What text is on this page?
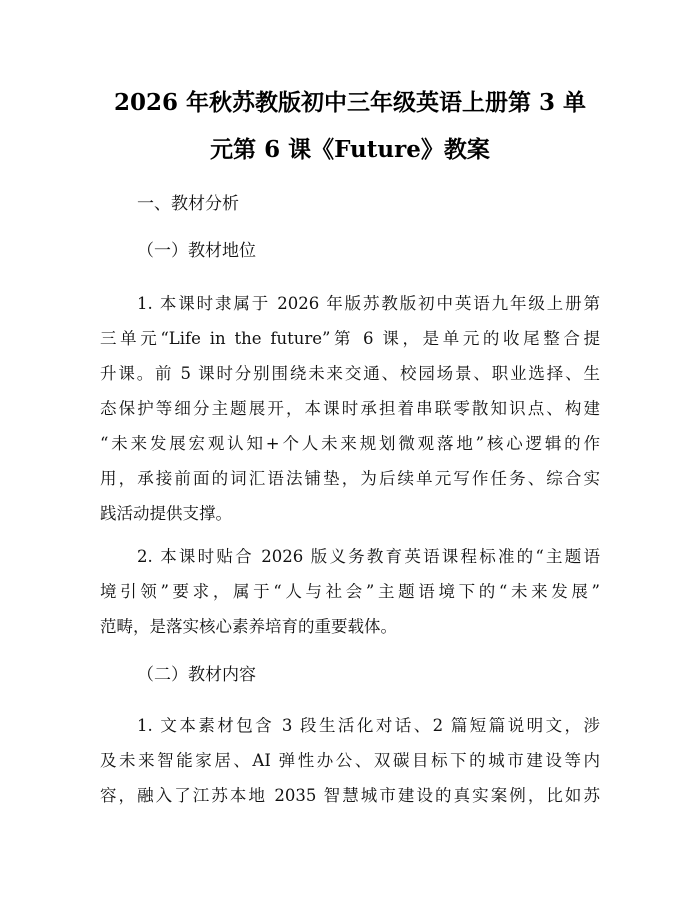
2026 年秋苏教版初中三年级英语上册第 3 单
元第 6 课《Future》教案

一、教材分析

（一）教材地位

1. 本课时隶属于 2026 年版苏教版初中英语九年级上册第
三单元“Life in the future”第 6 课，是单元的收尾整合提
升课。前 5 课时分别围绕未来交通、校园场景、职业选择、生
态保护等细分主题展开，本课时承担着串联零散知识点、构建
“未来发展宏观认知+个人未来规划微观落地”核心逻辑的作
用，承接前面的词汇语法铺垫，为后续单元写作任务、综合实
践活动提供支撑。
2. 本课时贴合 2026 版义务教育英语课程标准的“主题语
境引领”要求，属于“人与社会”主题语境下的“未来发展”
范畴，是落实核心素养培育的重要载体。

（二）教材内容

1. 文本素材包含 3 段生活化对话、2 篇短篇说明文，涉
及未来智能家居、AI 弹性办公、双碳目标下的城市建设等内
容，融入了江苏本地 2035 智慧城市建设的真实案例，比如苏
